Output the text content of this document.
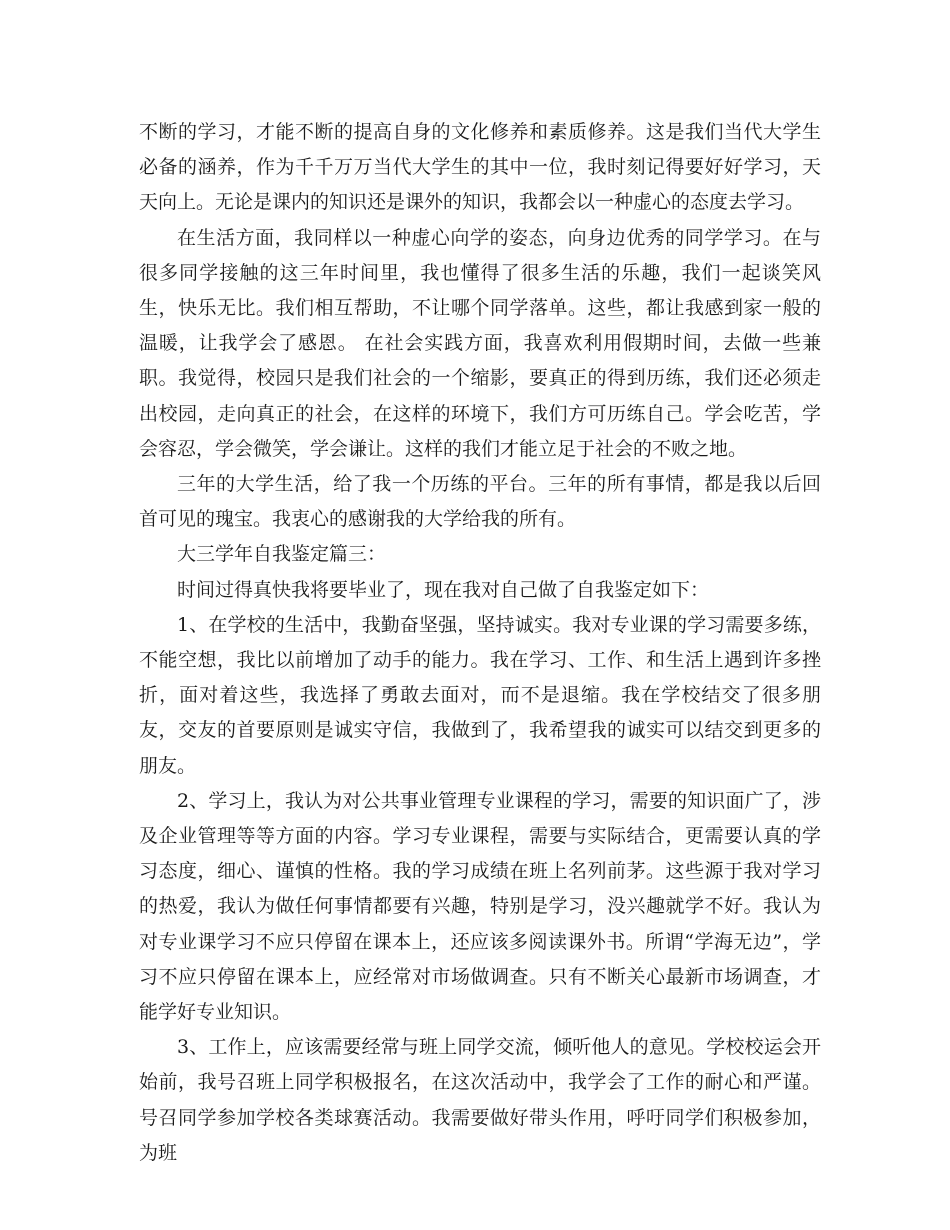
不断的学习，才能不断的提高自身的文化修养和素质修养。这是我们当代大学生必备的涵养，作为千千万万当代大学生的其中一位，我时刻记得要好好学习，天天向上。无论是课内的知识还是课外的知识，我都会以一种虚心的态度去学习。

在生活方面，我同样以一种虚心向学的姿态，向身边优秀的同学学习。在与很多同学接触的这三年时间里，我也懂得了很多生活的乐趣，我们一起谈笑风生，快乐无比。我们相互帮助，不让哪个同学落单。这些，都让我感到家一般的温暖，让我学会了感恩。 在社会实践方面，我喜欢利用假期时间，去做一些兼职。我觉得，校园只是我们社会的一个缩影，要真正的得到历练，我们还必须走出校园，走向真正的社会，在这样的环境下，我们方可历练自己。学会吃苦，学会容忍，学会微笑，学会谦让。这样的我们才能立足于社会的不败之地。

三年的大学生活，给了我一个历练的平台。三年的所有事情，都是我以后回首可见的瑰宝。我衷心的感谢我的大学给我的所有。

大三学年自我鉴定篇三：

时间过得真快我将要毕业了，现在我对自己做了自我鉴定如下：

1、在学校的生活中，我勤奋坚强，坚持诚实。我对专业课的学习需要多练，不能空想，我比以前增加了动手的能力。我在学习、工作、和生活上遇到许多挫折，面对着这些，我选择了勇敢去面对，而不是退缩。我在学校结交了很多朋友，交友的首要原则是诚实守信，我做到了，我希望我的诚实可以结交到更多的朋友。

2、学习上，我认为对公共事业管理专业课程的学习，需要的知识面广了，涉及企业管理等等方面的内容。学习专业课程，需要与实际结合，更需要认真的学习态度，细心、谨慎的性格。我的学习成绩在班上名列前茅。这些源于我对学习的热爱，我认为做任何事情都要有兴趣，特别是学习，没兴趣就学不好。我认为对专业课学习不应只停留在课本上，还应该多阅读课外书。所谓“学海无边”，学习不应只停留在课本上，应经常对市场做调查。只有不断关心最新市场调查，才能学好专业知识。

3、工作上，应该需要经常与班上同学交流，倾听他人的意见。学校校运会开始前，我号召班上同学积极报名，在这次活动中，我学会了工作的耐心和严谨。号召同学参加学校各类球赛活动。我需要做好带头作用，呼吁同学们积极参加，为班
